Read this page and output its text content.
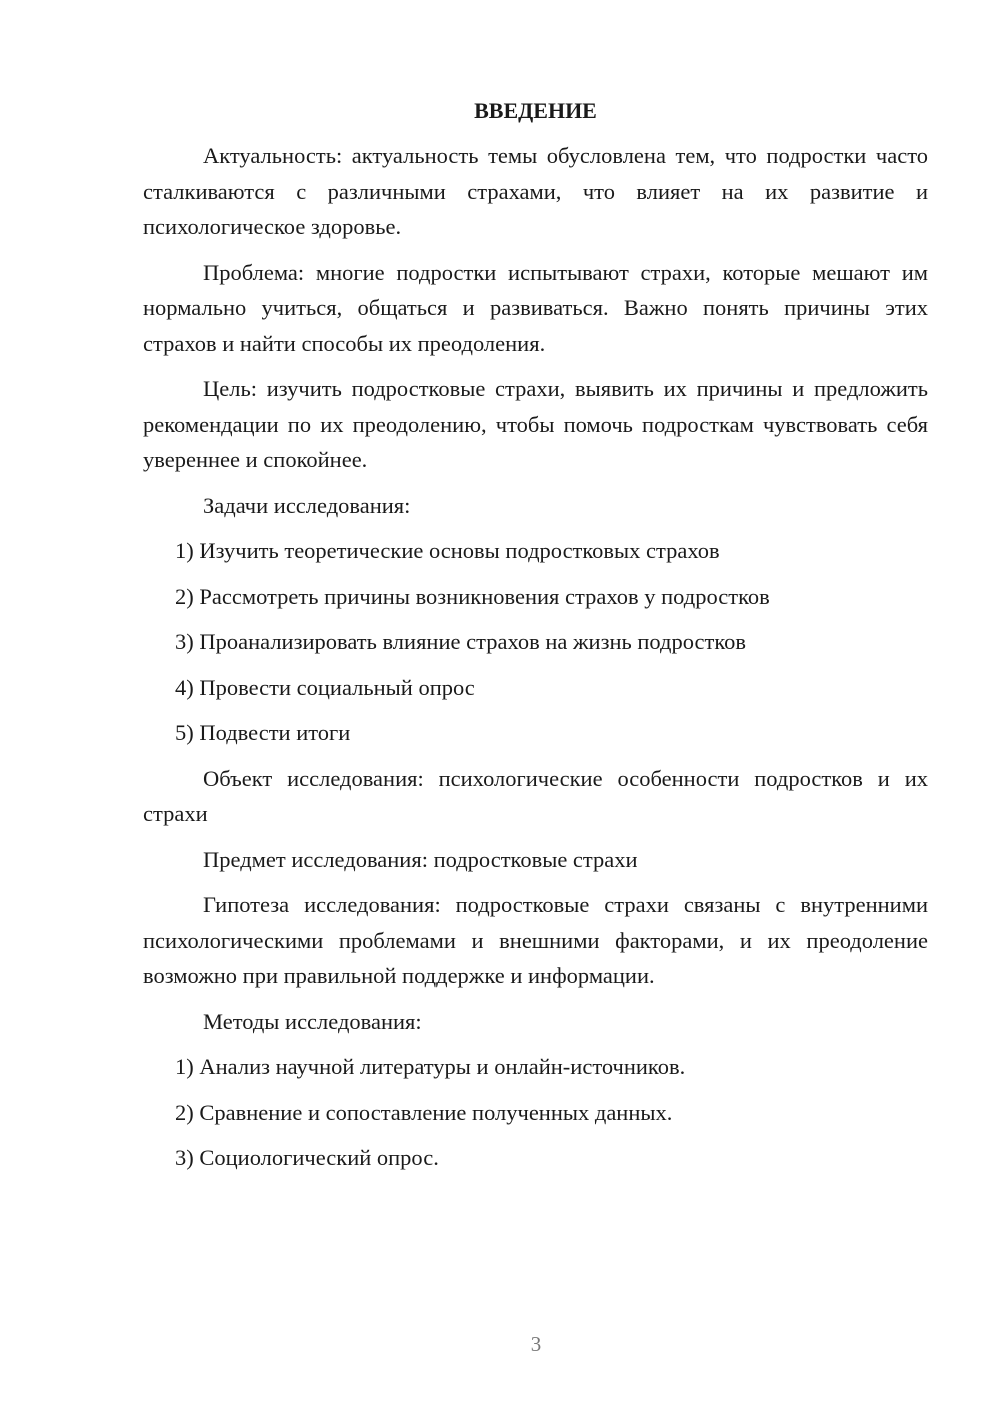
ВВЕДЕНИЕ

Актуальность: актуальность темы обусловлена тем, что подростки часто сталкиваются с различными страхами, что влияет на их развитие и психологическое здоровье.

Проблема: многие подростки испытывают страхи, которые мешают им нормально учиться, общаться и развиваться. Важно понять причины этих страхов и найти способы их преодоления.

Цель: изучить подростковые страхи, выявить их причины и предложить рекомендации по их преодолению, чтобы помочь подросткам чувствовать себя увереннее и спокойнее.

Задачи исследования:

1) Изучить теоретические основы подростковых страхов

2) Рассмотреть причины возникновения страхов у подростков

3) Проанализировать влияние страхов на жизнь подростков

4) Провести социальный опрос

5) Подвести итоги

Объект исследования: психологические особенности подростков и их страхи

Предмет исследования: подростковые страхи

Гипотеза исследования: подростковые страхи связаны с внутренними психологическими проблемами и внешними факторами, и их преодоление возможно при правильной поддержке и информации.

Методы исследования:

1) Анализ научной литературы и онлайн-источников.

2) Сравнение и сопоставление полученных данных.

3) Социологический опрос.

3
